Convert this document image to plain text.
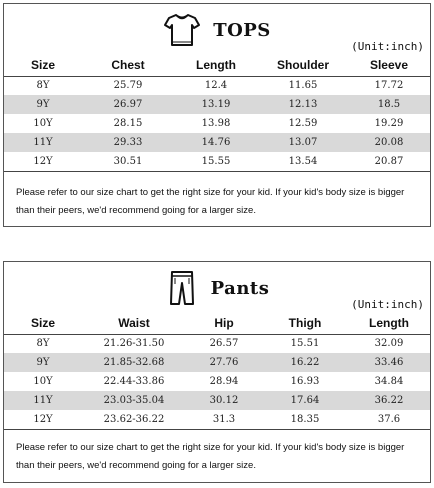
TOPS
(Unit:inch)
Size	Chest	Length	Shoulder	Sleeve
8Y	25.79	12.4	11.65	17.72
9Y	26.97	13.19	12.13	18.5
10Y	28.15	13.98	12.59	19.29
11Y	29.33	14.76	13.07	20.08
12Y	30.51	15.55	13.54	20.87

Please refer to our size chart to get the right size for your kid. If your kid's body size is bigger than their peers, we'd recommend going for a larger size.

Pants
(Unit:inch)
Size	Waist	Hip	Thigh	Length
8Y	21.26-31.50	26.57	15.51	32.09
9Y	21.85-32.68	27.76	16.22	33.46
10Y	22.44-33.86	28.94	16.93	34.84
11Y	23.03-35.04	30.12	17.64	36.22
12Y	23.62-36.22	31.3	18.35	37.6

Please refer to our size chart to get the right size for your kid. If your kid's body size is bigger than their peers, we'd recommend going for a larger size.
